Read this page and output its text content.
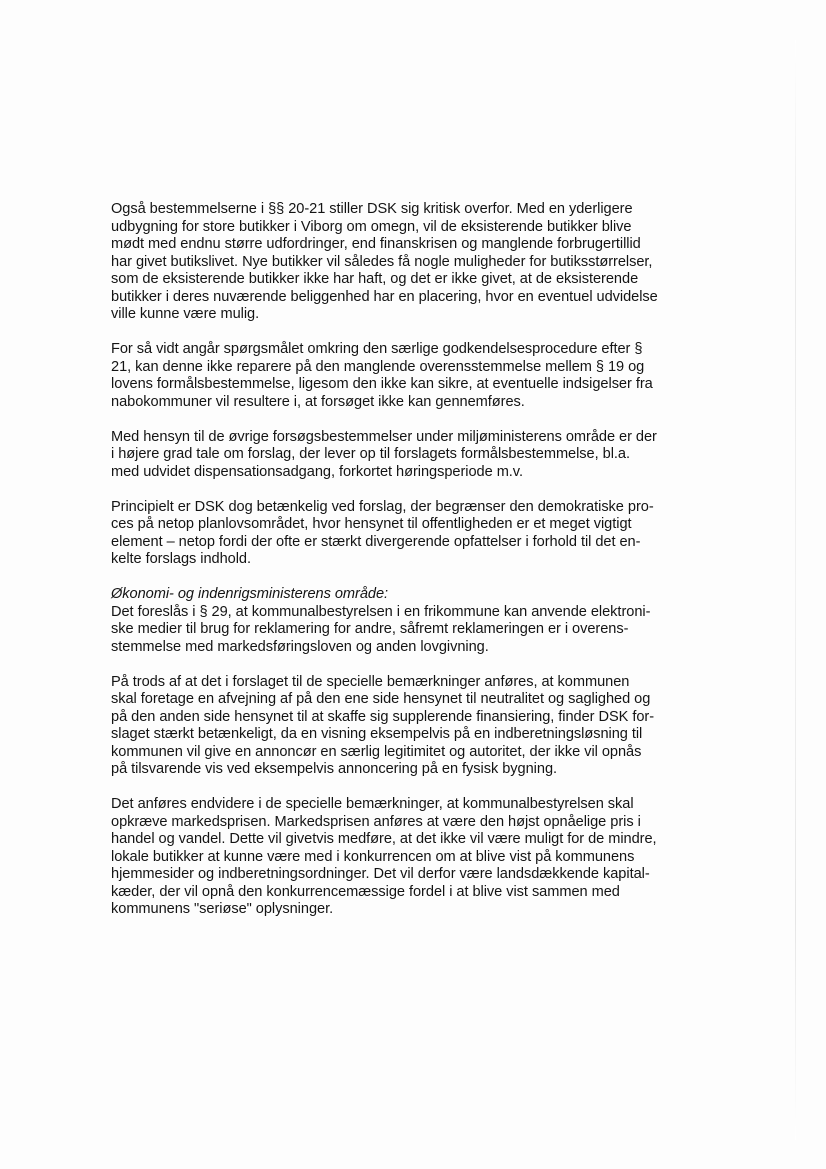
Også bestemmelserne i §§ 20-21 stiller DSK sig kritisk overfor. Med en yderligere
udbygning for store butikker i Viborg om omegn, vil de eksisterende butikker blive
mødt med endnu større udfordringer, end finanskrisen og manglende forbrugertillid
har givet butikslivet. Nye butikker vil således få nogle muligheder for butiksstørrelser,
som de eksisterende butikker ikke har haft, og det er ikke givet, at de eksisterende
butikker i deres nuværende beliggenhed har en placering, hvor en eventuel udvidelse
ville kunne være mulig.
For så vidt angår spørgsmålet omkring den særlige godkendelsesprocedure efter §
21, kan denne ikke reparere på den manglende overensstemmelse mellem § 19 og
lovens formålsbestemmelse, ligesom den ikke kan sikre, at eventuelle indsigelser fra
nabokommuner vil resultere i, at forsøget ikke kan gennemføres.
Med hensyn til de øvrige forsøgsbestemmelser under miljøministerens område er der
i højere grad tale om forslag, der lever op til forslagets formålsbestemmelse, bl.a.
med udvidet dispensationsadgang, forkortet høringsperiode m.v.
Principielt er DSK dog betænkelig ved forslag, der begrænser den demokratiske pro-
ces på netop planlovsområdet, hvor hensynet til offentligheden er et meget vigtigt
element – netop fordi der ofte er stærkt divergerende opfattelser i forhold til det en-
kelte forslags indhold.
Økonomi- og indenrigsministerens område:
Det foreslås i § 29, at kommunalbestyrelsen i en frikommune kan anvende elektroni-
ske medier til brug for reklamering for andre, såfremt reklameringen er i overens-
stemmelse med markedsføringsloven og anden lovgivning.
På trods af at det i forslaget til de specielle bemærkninger anføres, at kommunen
skal foretage en afvejning af på den ene side hensynet til neutralitet og saglighed og
på den anden side hensynet til at skaffe sig supplerende finansiering, finder DSK for-
slaget stærkt betænkeligt, da en visning eksempelvis på en indberetningsløsning til
kommunen vil give en annoncør en særlig legitimitet og autoritet, der ikke vil opnås
på tilsvarende vis ved eksempelvis annoncering på en fysisk bygning.
Det anføres endvidere i de specielle bemærkninger, at kommunalbestyrelsen skal
opkræve markedsprisen. Markedsprisen anføres at være den højst opnåelige pris i
handel og vandel. Dette vil givetvis medføre, at det ikke vil være muligt for de mindre,
lokale butikker at kunne være med i konkurrencen om at blive vist på kommunens
hjemmesider og indberetningsordninger. Det vil derfor være landsdækkende kapital-
kæder, der vil opnå den konkurrencemæssige fordel i at blive vist sammen med
kommunens "seriøse" oplysninger.
